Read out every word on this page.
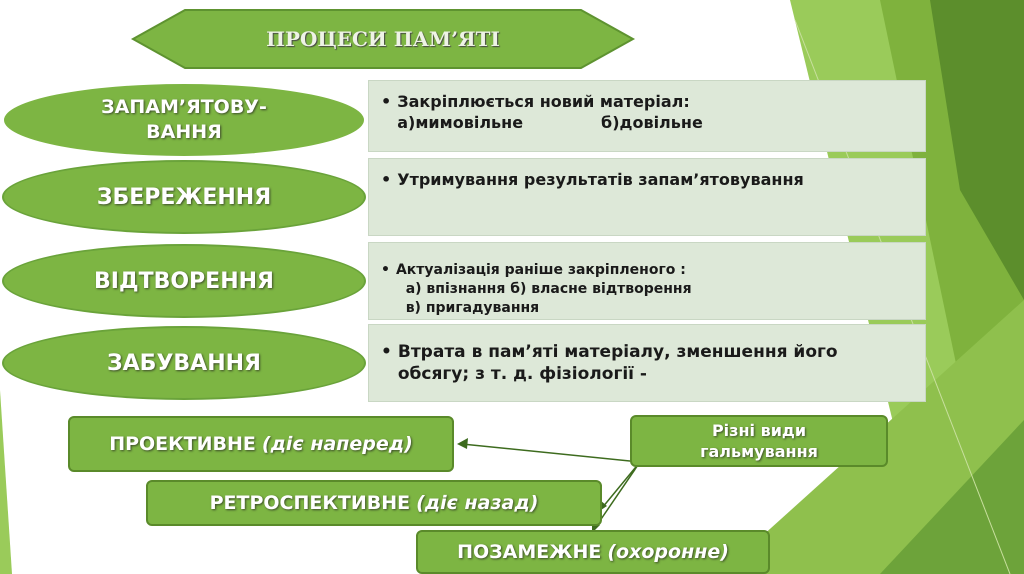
ПРОЦЕСИ ПАМ’ЯТІ
ЗАПАМ’ЯТОВУ-
ВАННЯ
• Закріплюється новий матеріал:
а)мимовільне              б)довільне
ЗБЕРЕЖЕННЯ
• Утримування результатів запам’ятовування
ВІДТВОРЕННЯ	• Актуалізація раніше закріпленого :
а) впізнання б) власне відтворення
в) пригадування
ЗАБУВАННЯ	• Втрата в пам’яті матеріалу, зменшення його
обсягу; з т. д. фізіології -
ПРОЕКТИВНЕ (діє наперед)
РЕТРОСПЕКТИВНЕ (діє назад)
ПОЗАМЕЖНЕ (охоронне)
Різні види гальмування
